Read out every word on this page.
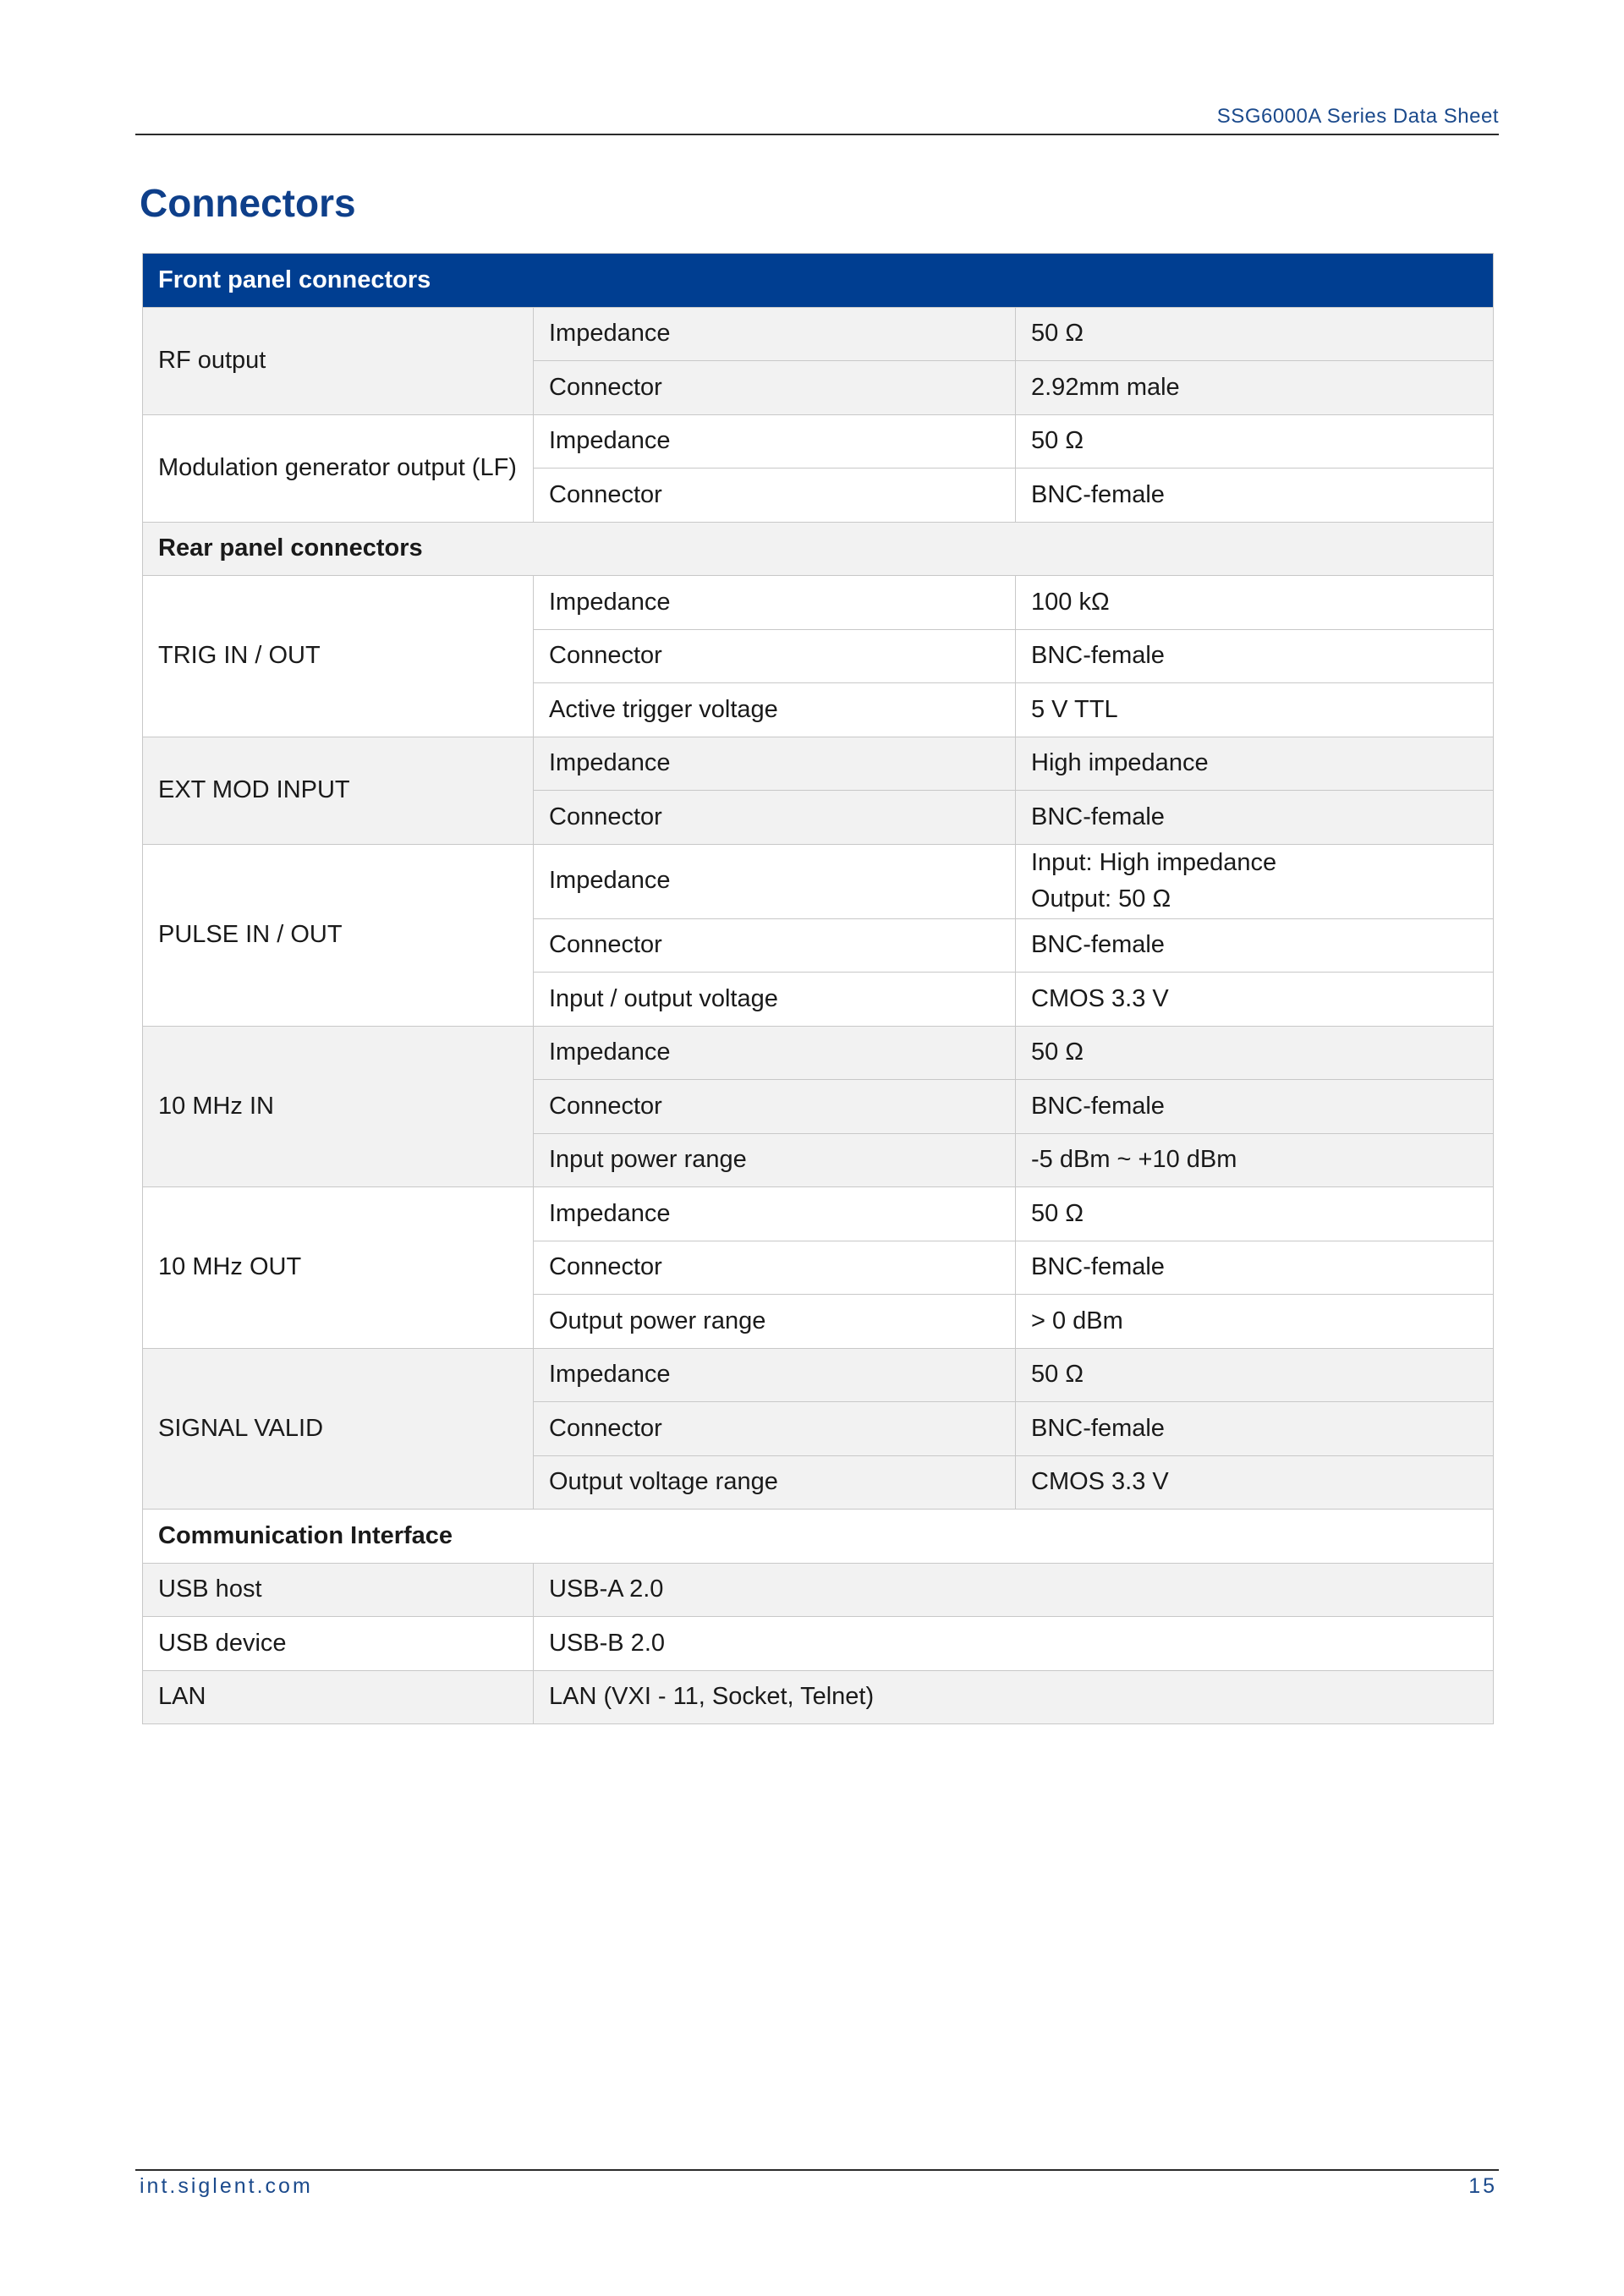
SSG6000A Series Data Sheet
Connectors
Front panel connectors		
RF output	Impedance	50 Ω
	Connector	2.92mm male
Modulation generator output (LF)	Impedance	50 Ω
	Connector	BNC-female
Rear panel connectors		
TRIG IN / OUT	Impedance	100 kΩ
	Connector	BNC-female
	Active trigger voltage	5 V TTL
EXT MOD INPUT	Impedance	High impedance
	Connector	BNC-female
PULSE IN / OUT	Impedance	Input: High impedance
Output: 50 Ω

	Connector	BNC-female
	Input / output voltage	CMOS 3.3 V
10 MHz IN	Impedance	50 Ω
	Connector	BNC-female
	Input power range	-5 dBm ~ +10 dBm
10 MHz OUT	Impedance	50 Ω
	Connector	BNC-female
	Output power range	> 0 dBm
SIGNAL VALID	Impedance	50 Ω
	Connector	BNC-female
	Output voltage range	CMOS 3.3 V
Communication Interface		
USB host	USB-A 2.0	
USB device	USB-B 2.0	
LAN	LAN (VXI - 11, Socket, Telnet)	
int.siglent.com	15
